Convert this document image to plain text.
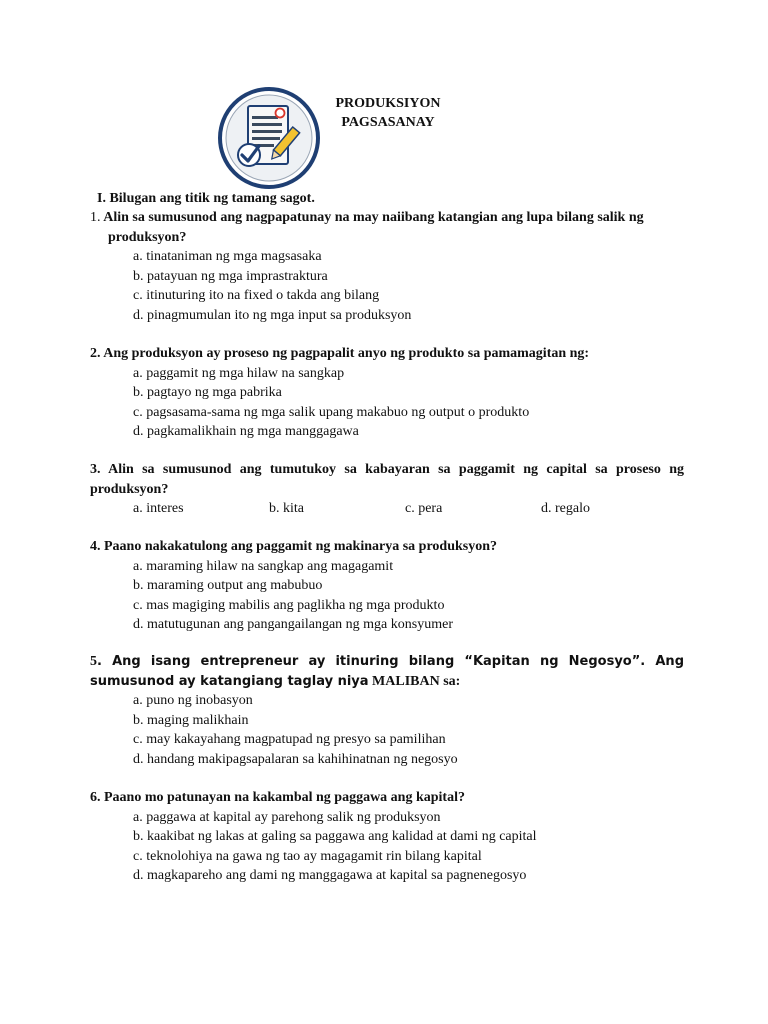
PRODUKSIYON
PAGSASANAY
I. Bilugan ang titik ng tamang sagot.
1. Alin sa sumusunod ang nagpapatunay na may naiibang katangian ang lupa bilang salik ng produksyon?
a. tinataniman ng mga magsasaka
b. patayuan ng mga imprastraktura
c. itinuturing ito na fixed o takda ang bilang
d. pinagmumulan ito ng mga input sa produksyon
2. Ang produksyon ay proseso ng pagpapalit anyo ng produkto sa pamamagitan ng:
a. paggamit ng mga hilaw na sangkap
b. pagtayo ng mga pabrika
c. pagsasama-sama ng mga salik upang makabuo ng output o produkto
d. pagkamalikhain ng mga manggagawa
3. Alin sa sumusunod ang tumutukoy sa kabayaran sa paggamit ng capital sa proseso ng produksyon?
a. interes	b. kita	c. pera	d. regalo
4. Paano nakakatulong ang paggamit ng makinarya sa produksyon?
a. maraming hilaw na sangkap ang magagamit
b. maraming output ang mabubuo
c. mas magiging mabilis ang paglikha ng mga produkto
d. matutugunan ang pangangailangan ng mga konsyumer
5. Ang isang entrepreneur ay itinuring bilang “Kapitan ng Negosyo”. Ang sumusunod ay katangiang taglay niya MALIBAN sa:
a. puno ng inobasyon
b. maging malikhain
c. may kakayahang magpatupad ng presyo sa pamilihan
d. handang makipagsapalaran sa kahihinatnan ng negosyo
6. Paano mo patunayan na kakambal ng paggawa ang kapital?
a. paggawa at kapital ay parehong salik ng produksyon
b. kaakibat ng lakas at galing sa paggawa ang kalidad at dami ng capital
c. teknolohiya na gawa ng tao ay magagamit rin bilang kapital
d. magkapareho ang dami ng manggagawa at kapital sa pagnenegosyo
